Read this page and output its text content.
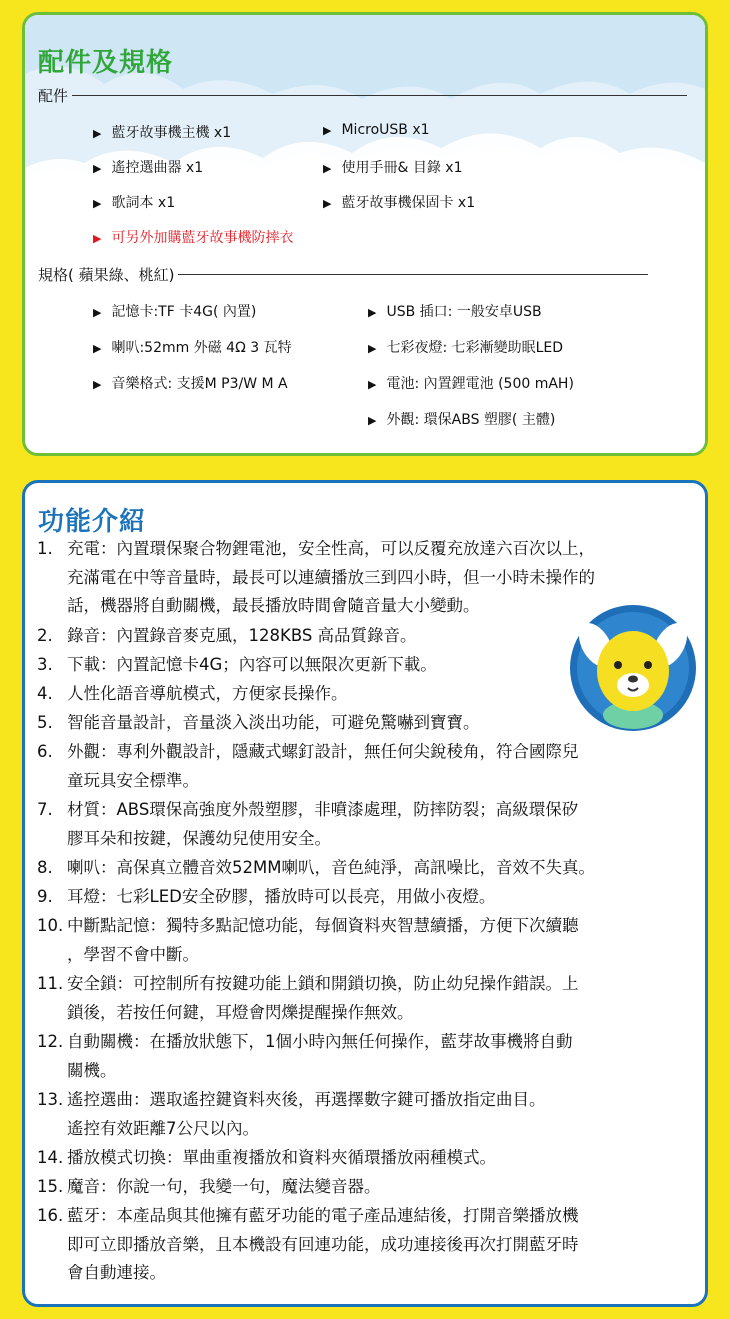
配件及規格
配件
▶ 藍牙故事機主機 x1	▶ MicroUSB x1
▶ 遙控選曲器 x1	▶ 使用手冊& 目錄 x1
▶ 歌詞本 x1	▶ 藍牙故事機保固卡 x1
▶ 可另外加購藍牙故事機防摔衣
規格( 蘋果綠、桃紅)
▶ 記憶卡:TF 卡4G( 內置)	▶ USB 插口: 一般安卓USB
▶ 喇叭:52mm 外磁 4Ω 3 瓦特	▶ 七彩夜燈: 七彩漸變助眠LED
▶ 音樂格式: 支援M P3/W M A	▶ 電池: 內置鋰電池 (500 mAH)
▶ 外觀: 環保ABS 塑膠( 主體)
功能介紹
1. 充電：內置環保聚合物鋰電池，安全性高，可以反覆充放達六百次以上，
充滿電在中等音量時，最長可以連續播放三到四小時，但一小時未操作的
話，機器將自動關機，最長播放時間會隨音量大小變動。
2. 錄音：內置錄音麥克風，128KBS 高品質錄音。
3. 下載：內置記憶卡4G；內容可以無限次更新下載。
4. 人性化語音導航模式，方便家長操作。
5. 智能音量設計，音量淡入淡出功能，可避免驚嚇到寶寶。
6. 外觀：專利外觀設計，隱藏式螺釘設計，無任何尖銳稜角，符合國際兒
童玩具安全標準。
7. 材質：ABS環保高強度外殼塑膠，非噴漆處理，防摔防裂；高級環保矽
膠耳朵和按鍵，保護幼兒使用安全。
8. 喇叭：高保真立體音效52MM喇叭，音色純淨，高訊噪比，音效不失真。
9. 耳燈：七彩LED安全矽膠，播放時可以長亮，用做小夜燈。
10. 中斷點記憶：獨特多點記憶功能，每個資料夾智慧續播，方便下次續聽
，學習不會中斷。
11. 安全鎖：可控制所有按鍵功能上鎖和開鎖切換，防止幼兒操作錯誤。上
鎖後，若按任何鍵，耳燈會閃爍提醒操作無效。
12. 自動關機：在播放狀態下，1個小時內無任何操作，藍芽故事機將自動
關機。
13. 遙控選曲：選取遙控鍵資料夾後，再選擇數字鍵可播放指定曲目。
遙控有效距離7公尺以內。
14. 播放模式切換：單曲重複播放和資料夾循環播放兩種模式。
15. 魔音：你說一句，我變一句，魔法變音器。
16. 藍牙：本產品與其他擁有藍牙功能的電子產品連結後，打開音樂播放機
即可立即播放音樂，且本機設有回連功能，成功連接後再次打開藍牙時
會自動連接。
